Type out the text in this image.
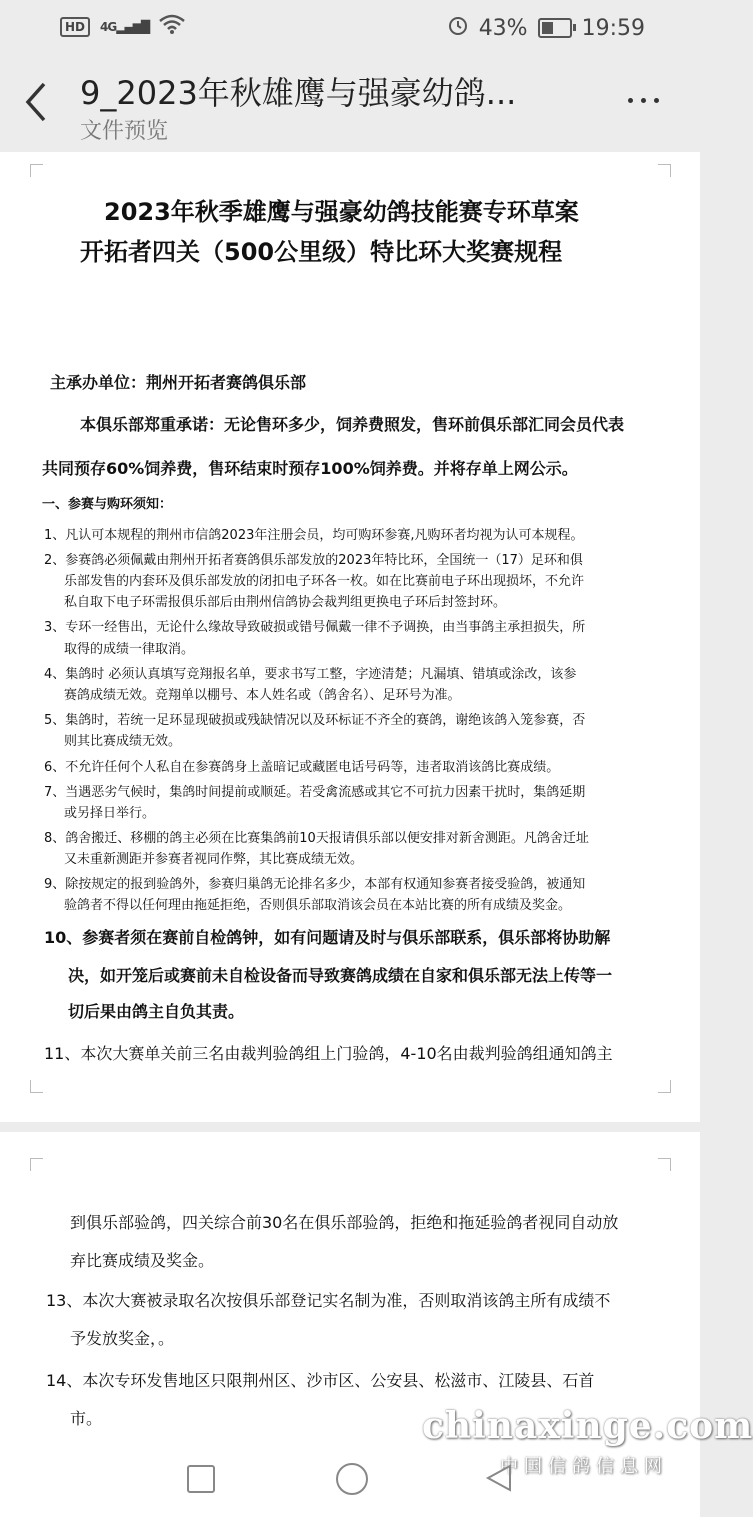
HD	4G▂▄▆█	43% 19:59
9_2023年秋雄鹰与强豪幼鸽...
文件预览
2023年秋季雄鹰与强豪幼鸽技能赛专环草案
开拓者四关（500公里级）特比环大奖赛规程
主承办单位：荆州开拓者赛鸽俱乐部
本俱乐部郑重承诺：无论售环多少，饲养费照发，售环前俱乐部汇同会员代表
共同预存60%饲养费，售环结束时预存100%饲养费。并将存单上网公示。
一、参赛与购环须知：
1、凡认可本规程的荆州市信鸽2023年注册会员，均可购环参赛,凡购环者均视为认可本规程。
2、参赛鸽必须佩戴由荆州开拓者赛鸽俱乐部发放的2023年特比环，全国统一（17）足环和俱
乐部发售的内套环及俱乐部发放的闭扣电子环各一枚。如在比赛前电子环出现损坏，不允许
私自取下电子环需报俱乐部后由荆州信鸽协会裁判组更换电子环后封签封环。
3、专环一经售出，无论什么缘故导致破损或错号佩戴一律不予调换，由当事鸽主承担损失，所
取得的成绩一律取消。
4、集鸽时 必须认真填写竞翔报名单，要求书写工整，字迹清楚；凡漏填、错填或涂改，该参
赛鸽成绩无效。竞翔单以棚号、本人姓名或（鸽舍名）、足环号为准。
5、集鸽时，若统一足环显现破损或残缺情况以及环标证不齐全的赛鸽，谢绝该鸽入笼参赛，否
则其比赛成绩无效。
6、不允许任何个人私自在参赛鸽身上盖暗记或藏匿电话号码等，违者取消该鸽比赛成绩。
7、当遇恶劣气候时，集鸽时间提前或顺延。若受禽流感或其它不可抗力因素干扰时，集鸽延期
或另择日举行。
8、鸽舍搬迁、移棚的鸽主必须在比赛集鸽前10天报请俱乐部以便安排对新舍测距。凡鸽舍迁址
又未重新测距并参赛者视同作弊，其比赛成绩无效。
9、除按规定的报到验鸽外，参赛归巢鸽无论排名多少，本部有权通知参赛者接受验鸽，被通知
验鸽者不得以任何理由拖延拒绝，否则俱乐部取消该会员在本站比赛的所有成绩及奖金。
10、参赛者须在赛前自检鸽钟，如有问题请及时与俱乐部联系，俱乐部将协助解
决，如开笼后或赛前未自检设备而导致赛鸽成绩在自家和俱乐部无法上传等一
切后果由鸽主自负其责。
11、本次大赛单关前三名由裁判验鸽组上门验鸽，4-10名由裁判验鸽组通知鸽主
到俱乐部验鸽，四关综合前30名在俱乐部验鸽，拒绝和拖延验鸽者视同自动放
弃比赛成绩及奖金。
13、本次大赛被录取名次按俱乐部登记实名制为准，否则取消该鸽主所有成绩不
予发放奖金，。
14、本次专环发售地区只限荆州区、沙市区、公安县、松滋市、江陵县、石首
市。	chinaxinge.com
中国信鸽信息网
